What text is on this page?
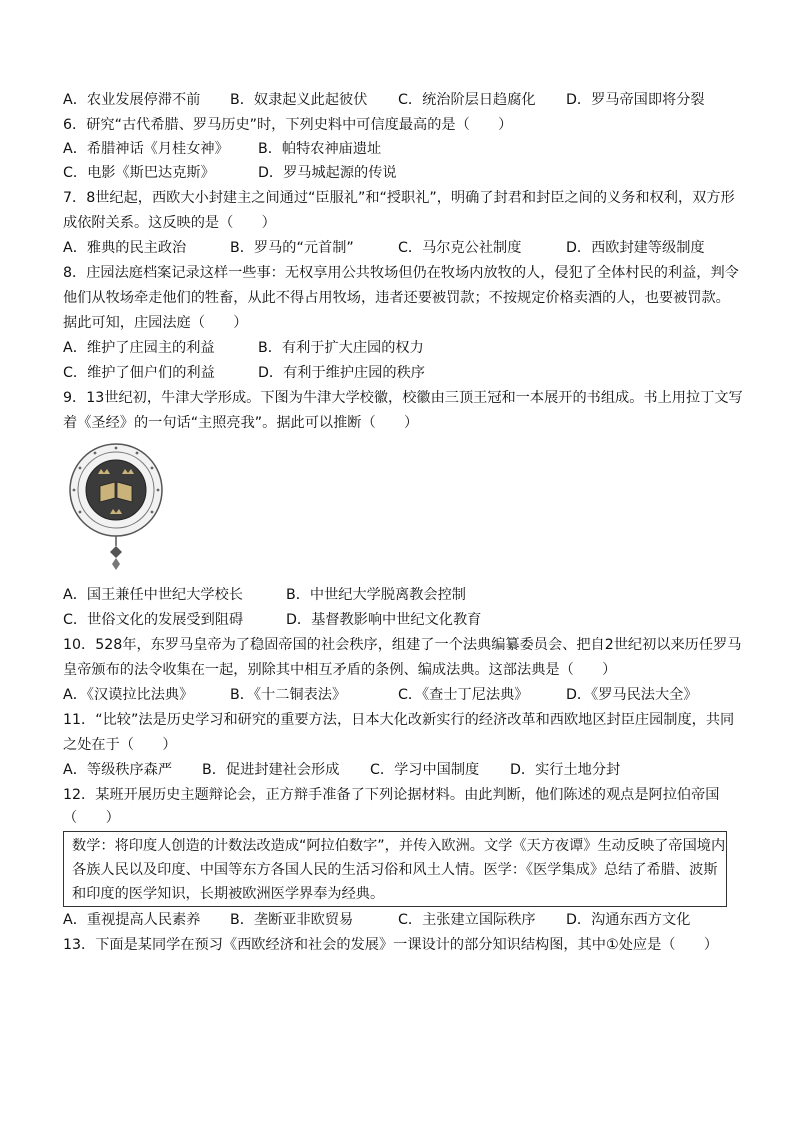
A．农业发展停滞不前 B．奴隶起义此起彼伏 C．统治阶层日趋腐化 D．罗马帝国即将分裂
6．研究“古代希腊、罗马历史”时，下列史料中可信度最高的是（　　）
A．希腊神话《月桂女神》 B．帕特农神庙遗址
C．电影《斯巴达克斯》	D．罗马城起源的传说
7．8世纪起，西欧大小封建主之间通过“臣服礼”和“授职礼”，明确了封君和封臣之间的义务和权利，双方形
成依附关系。这反映的是（　　）
A．雅典的民主政治	B．罗马的“元首制”	C．马尔克公社制度	D．西欧封建等级制度
8．庄园法庭档案记录这样一些事：无权享用公共牧场但仍在牧场内放牧的人，侵犯了全体村民的利益，判令
他们从牧场牵走他们的牲畜，从此不得占用牧场，违者还要被罚款；不按规定价格卖酒的人，也要被罚款。
据此可知，庄园法庭（　　）
A．维护了庄园主的利益	B．有利于扩大庄园的权力
C．维护了佃户们的利益	D．有利于维护庄园的秩序
9．13世纪初，牛津大学形成。下图为牛津大学校徽，校徽由三顶王冠和一本展开的书组成。书上用拉丁文写
着《圣经》的一句话“主照亮我”。据此可以推断（　　）
A．国王兼任中世纪大学校长	B．中世纪大学脱离教会控制
C．世俗文化的发展受到阻碍	D．基督教影响中世纪文化教育
10．528年，东罗马皇帝为了稳固帝国的社会秩序，组建了一个法典编纂委员会、把自2世纪初以来历任罗马
皇帝颁布的法令收集在一起，别除其中相互矛盾的条例、编成法典。这部法典是（　　）
A．《汉谟拉比法典》	B．《十二铜表法》	C．《查士丁尼法典》	D．《罗马民法大全》
11．“比较”法是历史学习和研究的重要方法，日本大化改新实行的经济改革和西欧地区封臣庄园制度，共同
之处在于（　　）
A．等级秩序森严 B．促进封建社会形成 C．学习中国制度 D．实行土地分封
12．某班开展历史主题辩论会，正方辩手准备了下列论据材料。由此判断，他们陈述的观点是阿拉伯帝国
（　　）
数学：将印度人创造的计数法改造成“阿拉伯数字”，并传入欧洲。文学《天方夜谭》生动反映了帝国境内
各族人民以及印度、中国等东方各国人民的生活习俗和风土人情。医学：《医学集成》总结了希腊、波斯
和印度的医学知识，长期被欧洲医学界奉为经典。
A．重视提高人民素养 B．垄断亚非欧贸易	C．主张建立国际秩序 D．沟通东西方文化
13．下面是某同学在预习《西欧经济和社会的发展》一课设计的部分知识结构图，其中①处应是（　　）
